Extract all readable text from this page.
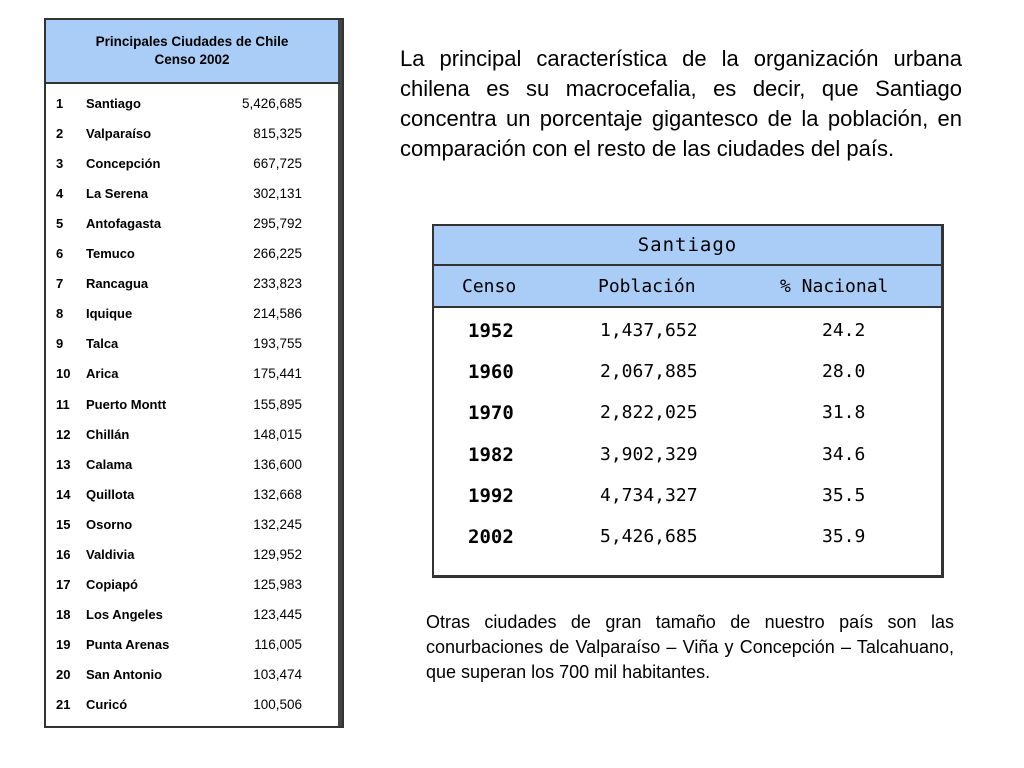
Principales Ciudades de Chile
Censo 2002
1	Santiago	5,426,685
2	Valparaíso	815,325
3	Concepción	667,725
4	La Serena	302,131
5	Antofagasta	295,792
6	Temuco	266,225
7	Rancagua	233,823
8	Iquique	214,586
9	Talca	193,755
10	Arica	175,441
11	Puerto Montt	155,895
12	Chillán	148,015
13	Calama	136,600
14	Quillota	132,668
15	Osorno	132,245
16	Valdivia	129,952
17	Copiapó	125,983
18	Los Angeles	123,445
19	Punta Arenas	116,005
20	San Antonio	103,474
21	Curicó	100,506

La principal característica de la organización urbana chilena es su macrocefalia, es decir, que Santiago concentra un porcentaje gigantesco de la población, en comparación con el resto de las ciudades del país.

Santiago
Censo	Población	% Nacional
1952	1,437,652	24.2
1960	2,067,885	28.0
1970	2,822,025	31.8
1982	3,902,329	34.6
1992	4,734,327	35.5
2002	5,426,685	35.9

Otras ciudades de gran tamaño de nuestro país son las conurbaciones de Valparaíso – Viña y Concepción – Talcahuano, que superan los 700 mil habitantes.
